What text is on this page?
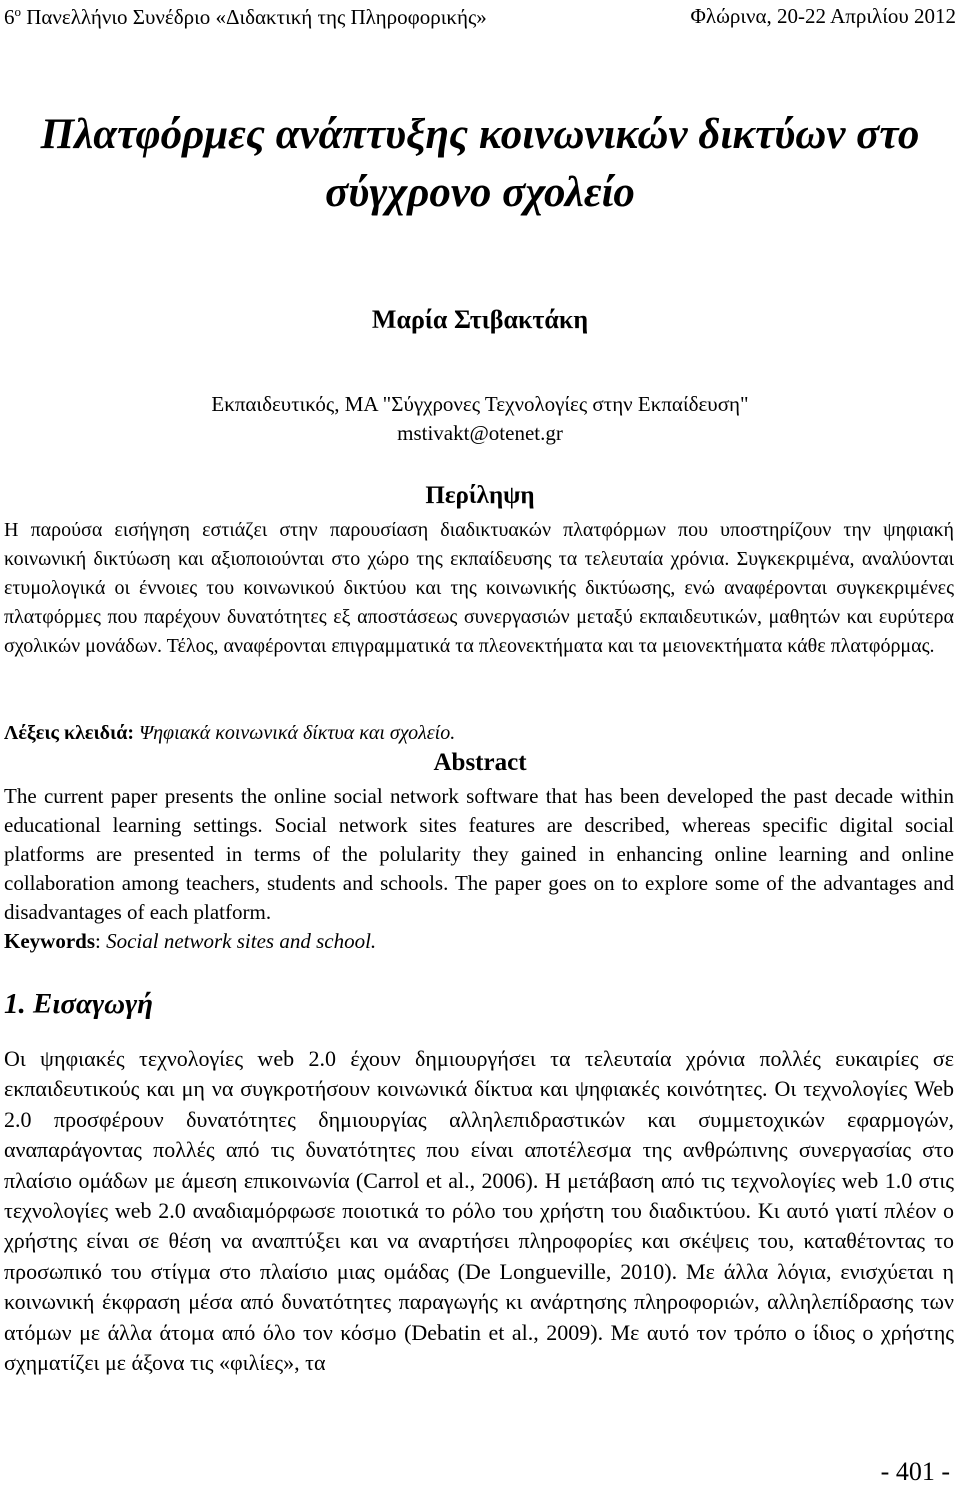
$6^o$ Πανελλήνιο Συνέδριο «Διδακτική της Πληροφορικής»	Φλώρινα, 20-22 Απριλίου 2012
Πλατφόρμες ανάπτυξης κοινωνικών δικτύων στο
σύγχρονο σχολείο
Μαρία Στιβακτάκη
Εκπαιδευτικός, MA "Σύγχρονες Τεχνολογίες στην Εκπαίδευση"
mstivakt@otenet.gr
Περίληψη

Η παρούσα εισήγηση εστιάζει στην παρουσίαση διαδικτυακών πλατφόρμων που υποστηρίζουν την ψηφιακή κοινωνική δικτύωση και αξιοποιούνται στο χώρο της εκπαίδευσης τα τελευταία χρόνια. Συγκεκριμένα, αναλύονται ετυμολογικά οι έννοιες του κοινωνικού δικτύου και της κοινωνικής δικτύωσης, ενώ αναφέρονται συγκεκριμένες πλατφόρμες που παρέχουν δυνατότητες εξ αποστάσεως συνεργασιών μεταξύ εκπαιδευτικών, μαθητών και ευρύτερα σχολικών μονάδων. Τέλος, αναφέρονται επιγραμματικά τα πλεονεκτήματα και τα μειονεκτήματα κάθε πλατφόρμας.

Λέξεις κλειδιά: Ψηφιακά κοινωνικά δίκτυα και σχολείο.

Abstract

The current paper presents the online social network software that has been developed the past decade within educational learning settings. Social network sites features are described, whereas specific digital social platforms are presented in terms of the polularity they gained in enhancing online learning and online collaboration among teachers, students and schools. The paper goes on to explore some of the advantages and disadvantages of each platform.

Keywords: Social network sites and school.

1. Εισαγωγή

Οι ψηφιακές τεχνολογίες web 2.0 έχουν δημιουργήσει τα τελευταία χρόνια πολλές ευκαιρίες σε εκπαιδευτικούς και μη να συγκροτήσουν κοινωνικά δίκτυα και ψηφιακές κοινότητες. Οι τεχνολογίες Web 2.0 προσφέρουν δυνατότητες δημιουργίας αλληλεπιδραστικών και συμμετοχικών εφαρμογών, αναπαράγοντας πολλές από τις δυνατότητες που είναι αποτέλεσμα της ανθρώπινης συνεργασίας στο πλαίσιο ομάδων με άμεση επικοινωνία (Carrol et al., 2006). Η μετάβαση από τις τεχνολογίες web 1.0 στις τεχνολογίες web 2.0 αναδιαμόρφωσε ποιοτικά το ρόλο του χρήστη του διαδικτύου. Κι αυτό γιατί πλέον ο χρήστης είναι σε θέση να αναπτύξει και να αναρτήσει πληροφορίες και σκέψεις του, καταθέτοντας το προσωπικό του στίγμα στο πλαίσιο μιας ομάδας (De Longueville, 2010). Με άλλα λόγια, ενισχύεται η κοινωνική έκφραση μέσα από δυνατότητες παραγωγής κι ανάρτησης πληροφοριών, αλληλεπίδρασης των ατόμων με άλλα άτομα από όλο τον κόσμο (Debatin et al., 2009). Με αυτό τον τρόπο ο ίδιος ο χρήστης σχηματίζει με άξονα τις «φιλίες», τα

- 401 -
